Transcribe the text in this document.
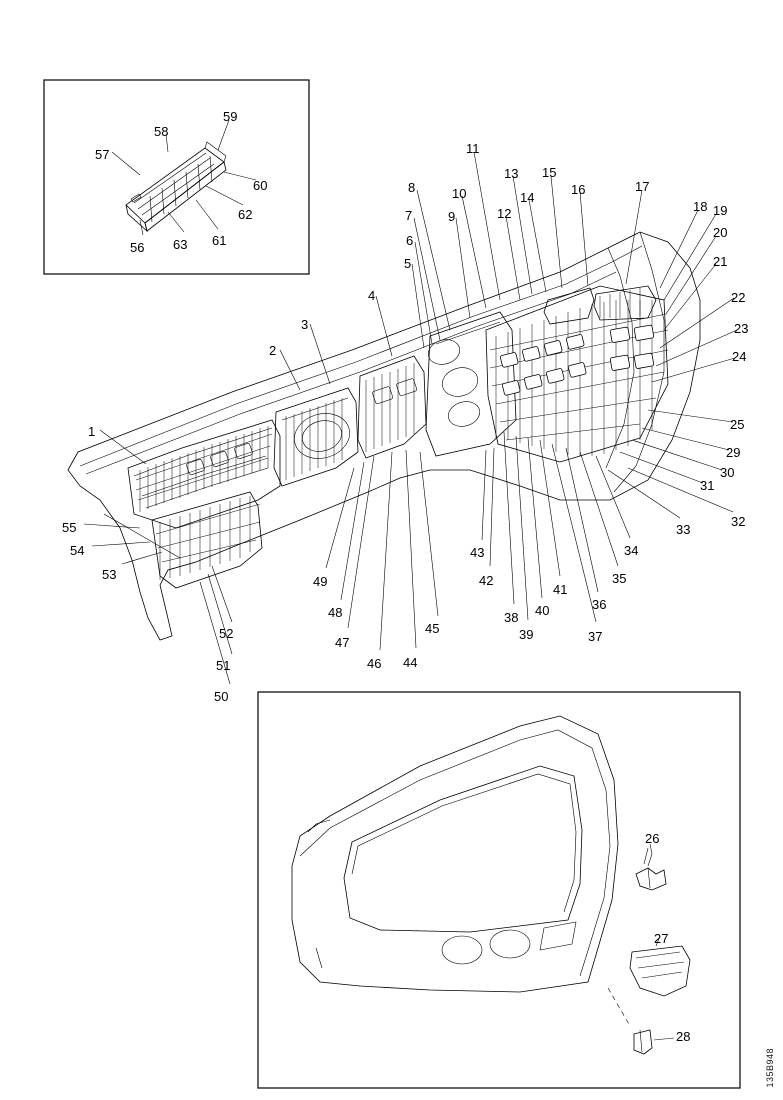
1
2
3
4
5
6
7
8
9
10
11
12
13
14
15
16	17
18 19
20
21
22
23
24
25
26
27
28
29
30
31
32
33
34
35
36
37
38
39
40
41
42
43
44
45
46
47
48
49
50
51
52
53
54
55
56
57
58
59
60
61
62
63
135B948
